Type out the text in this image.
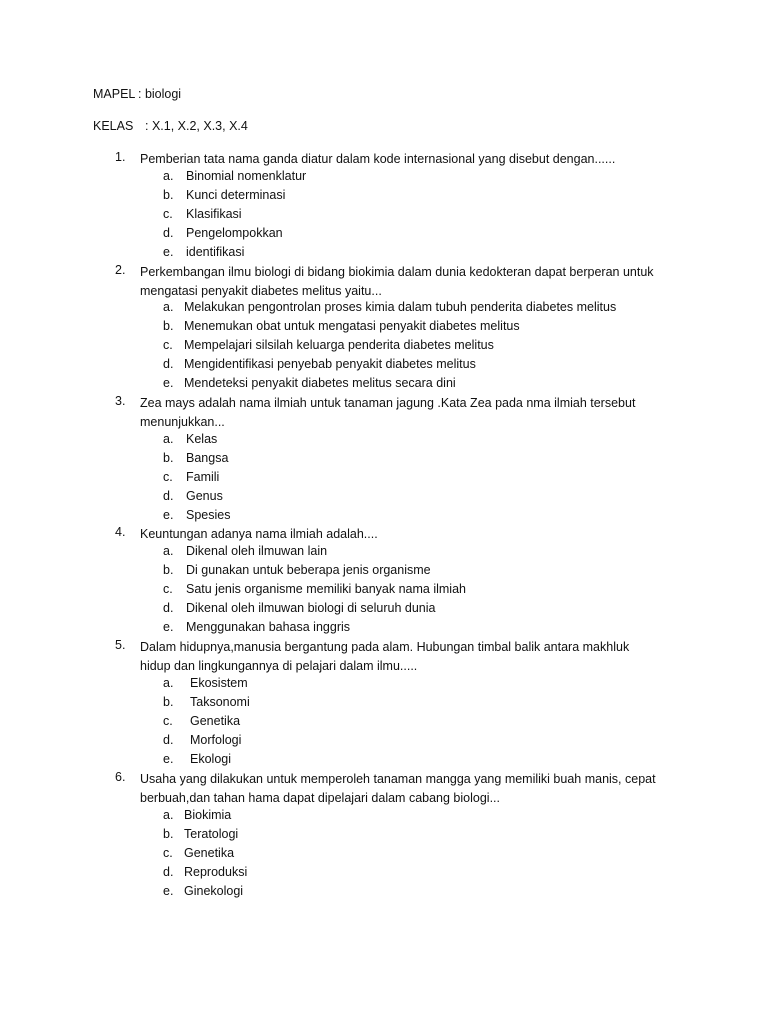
MAPEL : biologi
KELAS : X.1, X.2, X.3, X.4
1.	Pemberian tata nama ganda diatur dalam kode internasional yang disebut dengan......

a. Binomial nomenklatur
b. Kunci determinasi
c. Klasifikasi
d. Pengelompokkan
e. identifikasi
2.	Perkembangan ilmu biologi di bidang biokimia dalam dunia kedokteran dapat berperan untuk mengatasi penyakit diabetes melitus yaitu...

a. Melakukan pengontrolan proses kimia dalam tubuh penderita diabetes melitus
b. Menemukan obat untuk mengatasi penyakit diabetes melitus
c. Mempelajari silsilah keluarga penderita diabetes melitus
d. Mengidentifikasi penyebab penyakit diabetes melitus
e. Mendeteksi penyakit diabetes melitus secara dini
3.	Zea mays adalah nama ilmiah untuk tanaman jagung .Kata Zea pada nma ilmiah tersebut menunjukkan...

a. Kelas
b. Bangsa
c. Famili
d. Genus
e. Spesies
4.	Keuntungan adanya nama ilmiah adalah....

a. Dikenal oleh ilmuwan lain
b. Di gunakan untuk beberapa jenis organisme
c. Satu jenis organisme memiliki banyak nama ilmiah
d. Dikenal oleh ilmuwan biologi di seluruh dunia
e. Menggunakan bahasa inggris
5.	Dalam hidupnya,manusia bergantung pada alam. Hubungan timbal balik antara makhluk hidup dan lingkungannya di pelajari dalam ilmu.....

a. Ekosistem
b. Taksonomi
c. Genetika
d. Morfologi
e. Ekologi
6.	Usaha yang dilakukan untuk memperoleh tanaman mangga yang memiliki buah manis, cepat berbuah,dan tahan hama dapat dipelajari dalam cabang biologi...

a. Biokimia
b. Teratologi
c. Genetika
d. Reproduksi
e. Ginekologi
